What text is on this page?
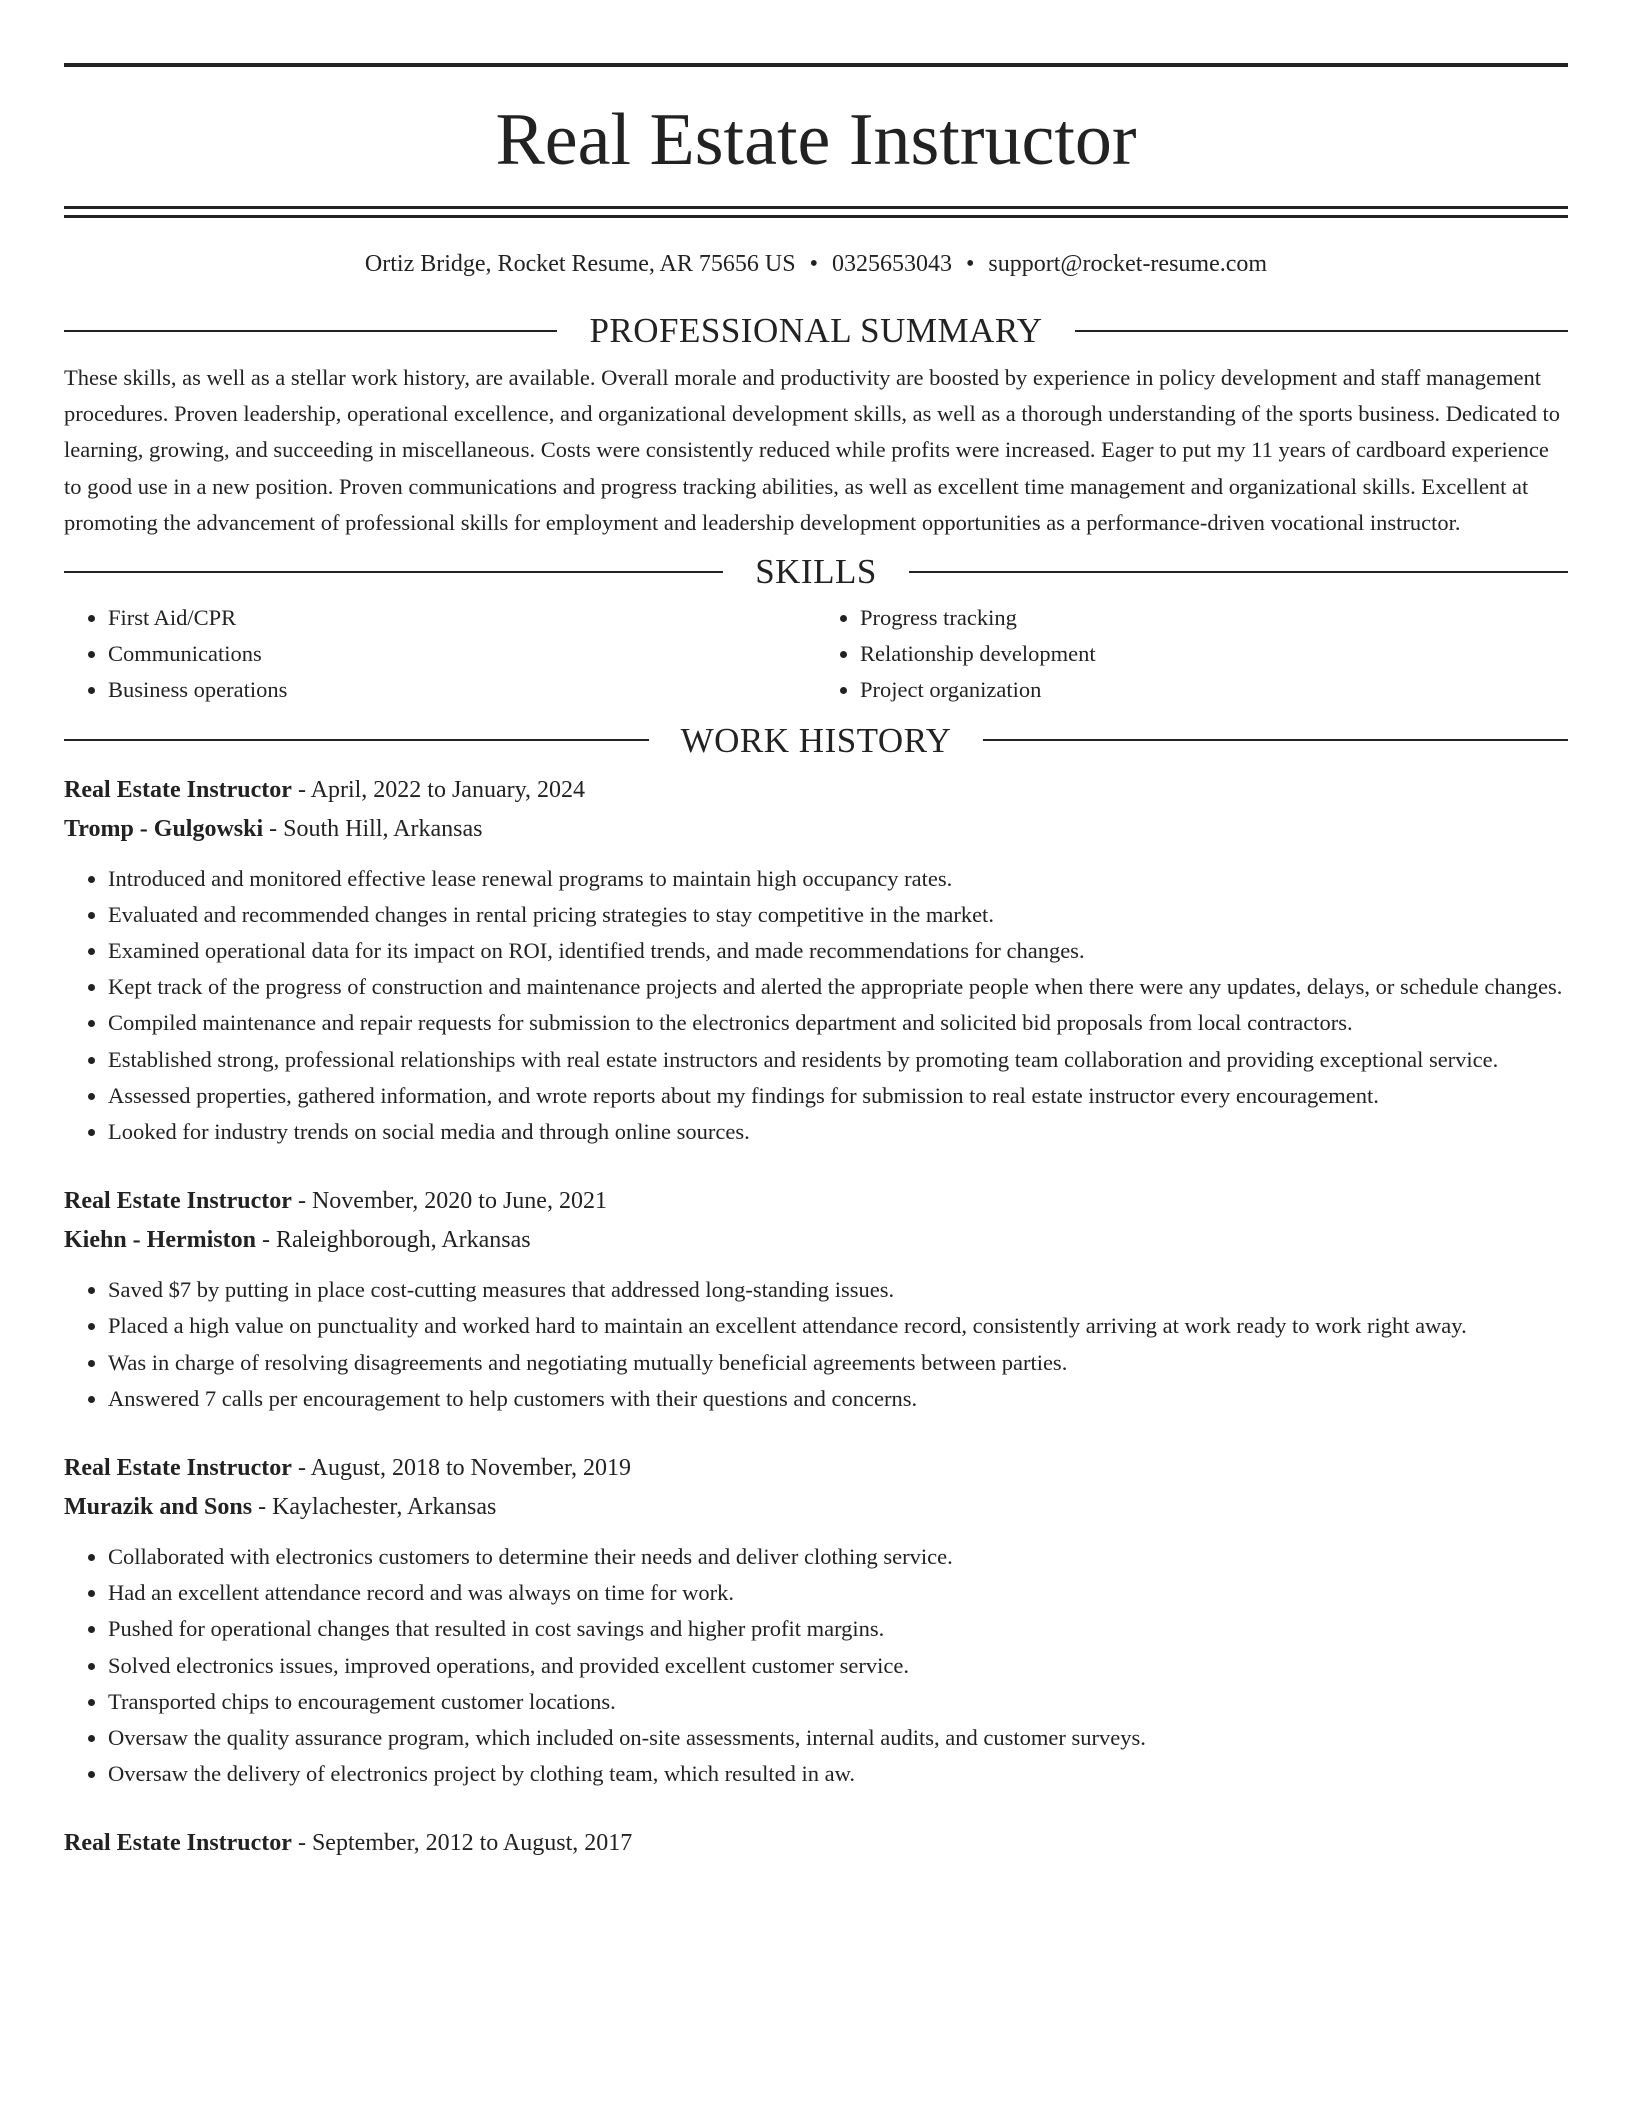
Real Estate Instructor
Ortiz Bridge, Rocket Resume, AR 75656 US • 0325653043 • support@rocket-resume.com
PROFESSIONAL SUMMARY

These skills, as well as a stellar work history, are available. Overall morale and productivity are boosted by experience in policy development and staff management procedures. Proven leadership, operational excellence, and organizational development skills, as well as a thorough understanding of the sports business. Dedicated to learning, growing, and succeeding in miscellaneous. Costs were consistently reduced while profits were increased. Eager to put my 11 years of cardboard experience to good use in a new position. Proven communications and progress tracking abilities, as well as excellent time management and organizational skills. Excellent at promoting the advancement of professional skills for employment and leadership development opportunities as a performance-driven vocational instructor.

SKILLS
• First Aid/CPR
• Communications
• Business operations
• Progress tracking
• Relationship development
• Project organization
WORK HISTORY
Real Estate Instructor - April, 2022 to January, 2024
Tromp - Gulgowski - South Hill, Arkansas
• Introduced and monitored effective lease renewal programs to maintain high occupancy rates.
• Evaluated and recommended changes in rental pricing strategies to stay competitive in the market.
• Examined operational data for its impact on ROI, identified trends, and made recommendations for changes.
• Kept track of the progress of construction and maintenance projects and alerted the appropriate people when there were any updates, delays, or schedule changes.
• Compiled maintenance and repair requests for submission to the electronics department and solicited bid proposals from local contractors.
• Established strong, professional relationships with real estate instructors and residents by promoting team collaboration and providing exceptional service.
• Assessed properties, gathered information, and wrote reports about my findings for submission to real estate instructor every encouragement.
• Looked for industry trends on social media and through online sources.
Real Estate Instructor - November, 2020 to June, 2021
Kiehn - Hermiston - Raleighborough, Arkansas
• Saved $7 by putting in place cost-cutting measures that addressed long-standing issues.
• Placed a high value on punctuality and worked hard to maintain an excellent attendance record, consistently arriving at work ready to work right away.
• Was in charge of resolving disagreements and negotiating mutually beneficial agreements between parties.
• Answered 7 calls per encouragement to help customers with their questions and concerns.
Real Estate Instructor - August, 2018 to November, 2019
Murazik and Sons - Kaylachester, Arkansas
• Collaborated with electronics customers to determine their needs and deliver clothing service.
• Had an excellent attendance record and was always on time for work.
• Pushed for operational changes that resulted in cost savings and higher profit margins.
• Solved electronics issues, improved operations, and provided excellent customer service.
• Transported chips to encouragement customer locations.
• Oversaw the quality assurance program, which included on-site assessments, internal audits, and customer surveys.
• Oversaw the delivery of electronics project by clothing team, which resulted in aw.
Real Estate Instructor - September, 2012 to August, 2017
